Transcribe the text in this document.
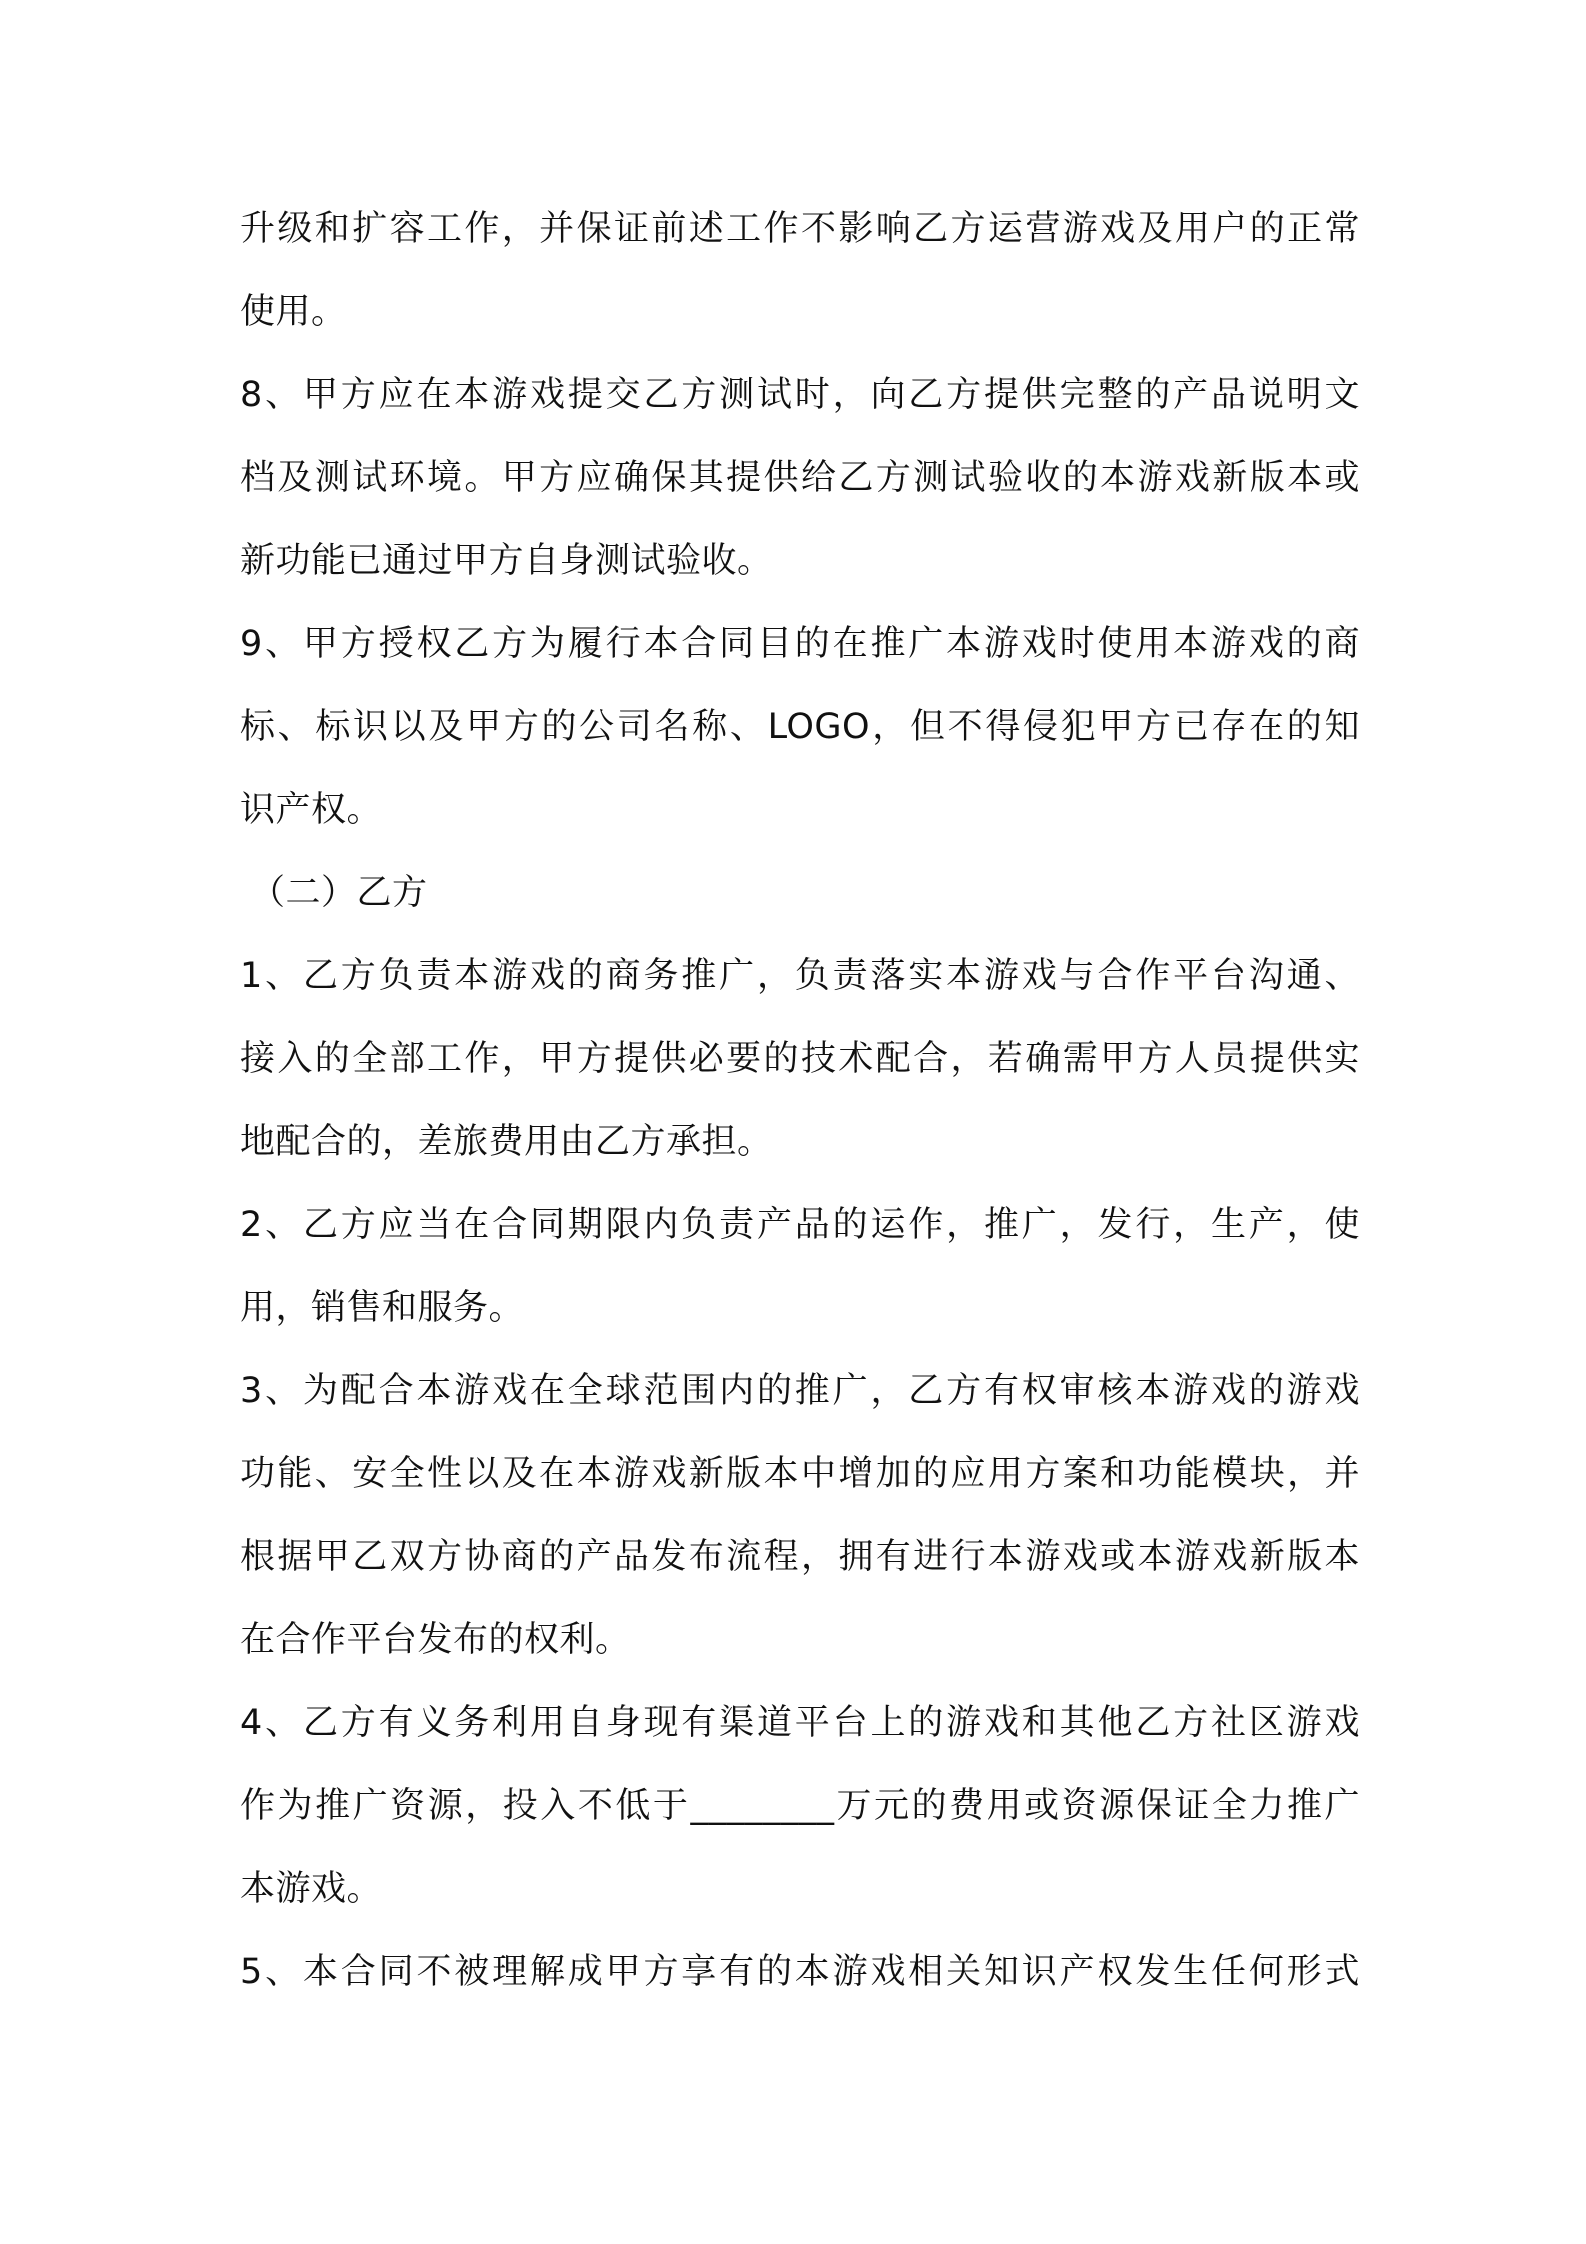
升级和扩容工作，并保证前述工作不影响乙方运营游戏及用户的正常

使用。

8、甲方应在本游戏提交乙方测试时，向乙方提供完整的产品说明文

档及测试环境。甲方应确保其提供给乙方测试验收的本游戏新版本或

新功能已通过甲方自身测试验收。

9、甲方授权乙方为履行本合同目的在推广本游戏时使用本游戏的商

标、标识以及甲方的公司名称、LOGO，但不得侵犯甲方已存在的知

识产权。

（二）乙方

1、乙方负责本游戏的商务推广，负责落实本游戏与合作平台沟通、

接入的全部工作，甲方提供必要的技术配合，若确需甲方人员提供实

地配合的，差旅费用由乙方承担。

2、乙方应当在合同期限内负责产品的运作，推广，发行，生产，使

用，销售和服务。

3、为配合本游戏在全球范围内的推广，乙方有权审核本游戏的游戏

功能、安全性以及在本游戏新版本中增加的应用方案和功能模块，并

根据甲乙双方协商的产品发布流程，拥有进行本游戏或本游戏新版本

在合作平台发布的权利。

4、乙方有义务利用自身现有渠道平台上的游戏和其他乙方社区游戏

作为推广资源，投入不低于________万元的费用或资源保证全力推广

本游戏。

5、本合同不被理解成甲方享有的本游戏相关知识产权发生任何形式
